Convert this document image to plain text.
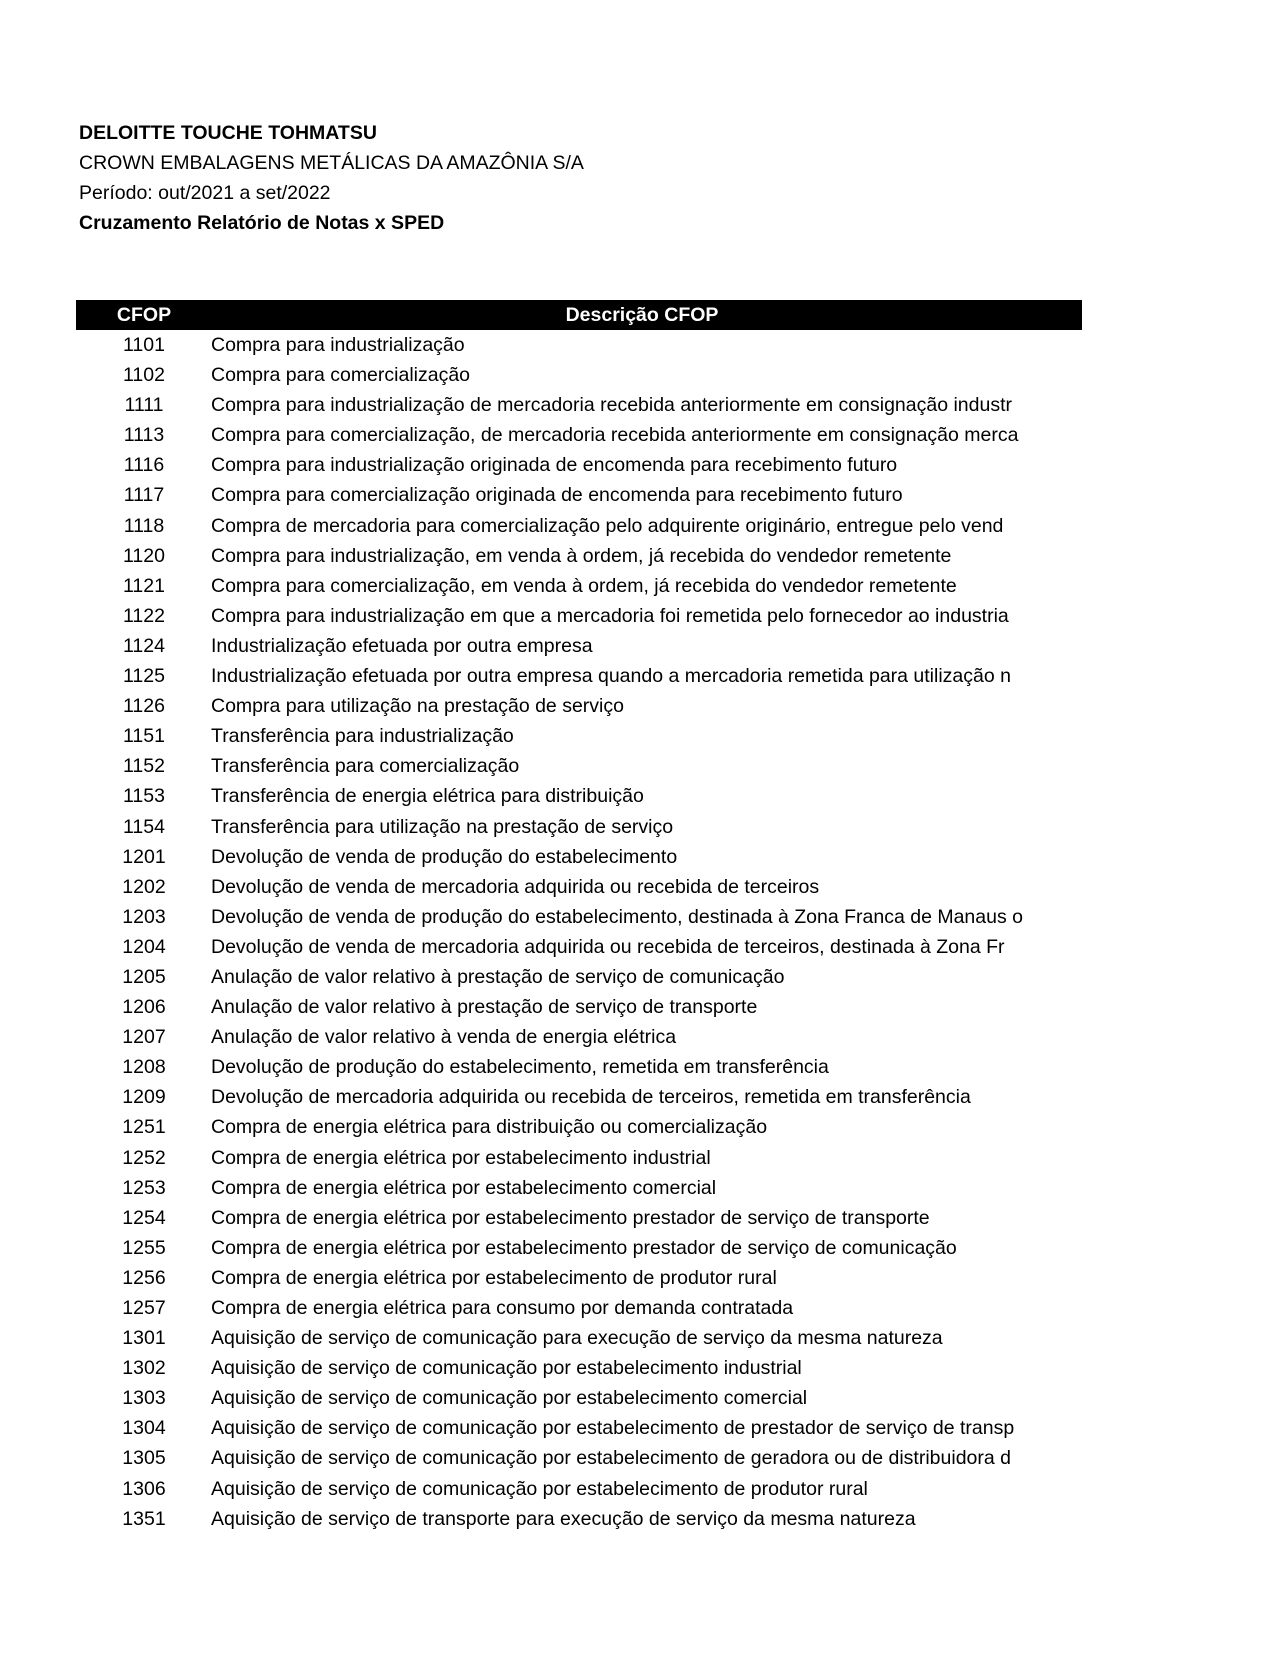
DELOITTE TOUCHE TOHMATSU
CROWN EMBALAGENS METÁLICAS DA AMAZÔNIA S/A
Período: out/2021 a set/2022
Cruzamento Relatório de Notas x SPED
CFOP	Descrição CFOP
1101	Compra para industrialização
1102	Compra para comercialização
1111	Compra para industrialização de mercadoria recebida anteriormente em consignação industr
1113	Compra para comercialização, de mercadoria recebida anteriormente em consignação merca
1116	Compra para industrialização originada de encomenda para recebimento futuro
1117	Compra para comercialização originada de encomenda para recebimento futuro
1118	Compra de mercadoria para comercialização pelo adquirente originário, entregue pelo vend
1120	Compra para industrialização, em venda à ordem, já recebida do vendedor remetente
1121	Compra para comercialização, em venda à ordem, já recebida do vendedor remetente
1122	Compra para industrialização em que a mercadoria foi remetida pelo fornecedor ao industria
1124	Industrialização efetuada por outra empresa
1125	Industrialização efetuada por outra empresa quando a mercadoria remetida para utilização n
1126	Compra para utilização na prestação de serviço
1151	Transferência para industrialização
1152	Transferência para comercialização
1153	Transferência de energia elétrica para distribuição
1154	Transferência para utilização na prestação de serviço
1201	Devolução de venda de produção do estabelecimento
1202	Devolução de venda de mercadoria adquirida ou recebida de terceiros
1203	Devolução de venda de produção do estabelecimento, destinada à Zona Franca de Manaus o
1204	Devolução de venda de mercadoria adquirida ou recebida de terceiros, destinada à Zona Fr
1205	Anulação de valor relativo à prestação de serviço de comunicação
1206	Anulação de valor relativo à prestação de serviço de transporte
1207	Anulação de valor relativo à venda de energia elétrica
1208	Devolução de produção do estabelecimento, remetida em transferência
1209	Devolução de mercadoria adquirida ou recebida de terceiros, remetida em transferência
1251	Compra de energia elétrica para distribuição ou comercialização
1252	Compra de energia elétrica por estabelecimento industrial
1253	Compra de energia elétrica por estabelecimento comercial
1254	Compra de energia elétrica por estabelecimento prestador de serviço de transporte
1255	Compra de energia elétrica por estabelecimento prestador de serviço de comunicação
1256	Compra de energia elétrica por estabelecimento de produtor rural
1257	Compra de energia elétrica para consumo por demanda contratada
1301	Aquisição de serviço de comunicação para execução de serviço da mesma natureza
1302	Aquisição de serviço de comunicação por estabelecimento industrial
1303	Aquisição de serviço de comunicação por estabelecimento comercial
1304	Aquisição de serviço de comunicação por estabelecimento de prestador de serviço de transp
1305	Aquisição de serviço de comunicação por estabelecimento de geradora ou de distribuidora d
1306	Aquisição de serviço de comunicação por estabelecimento de produtor rural
1351	Aquisição de serviço de transporte para execução de serviço da mesma natureza
